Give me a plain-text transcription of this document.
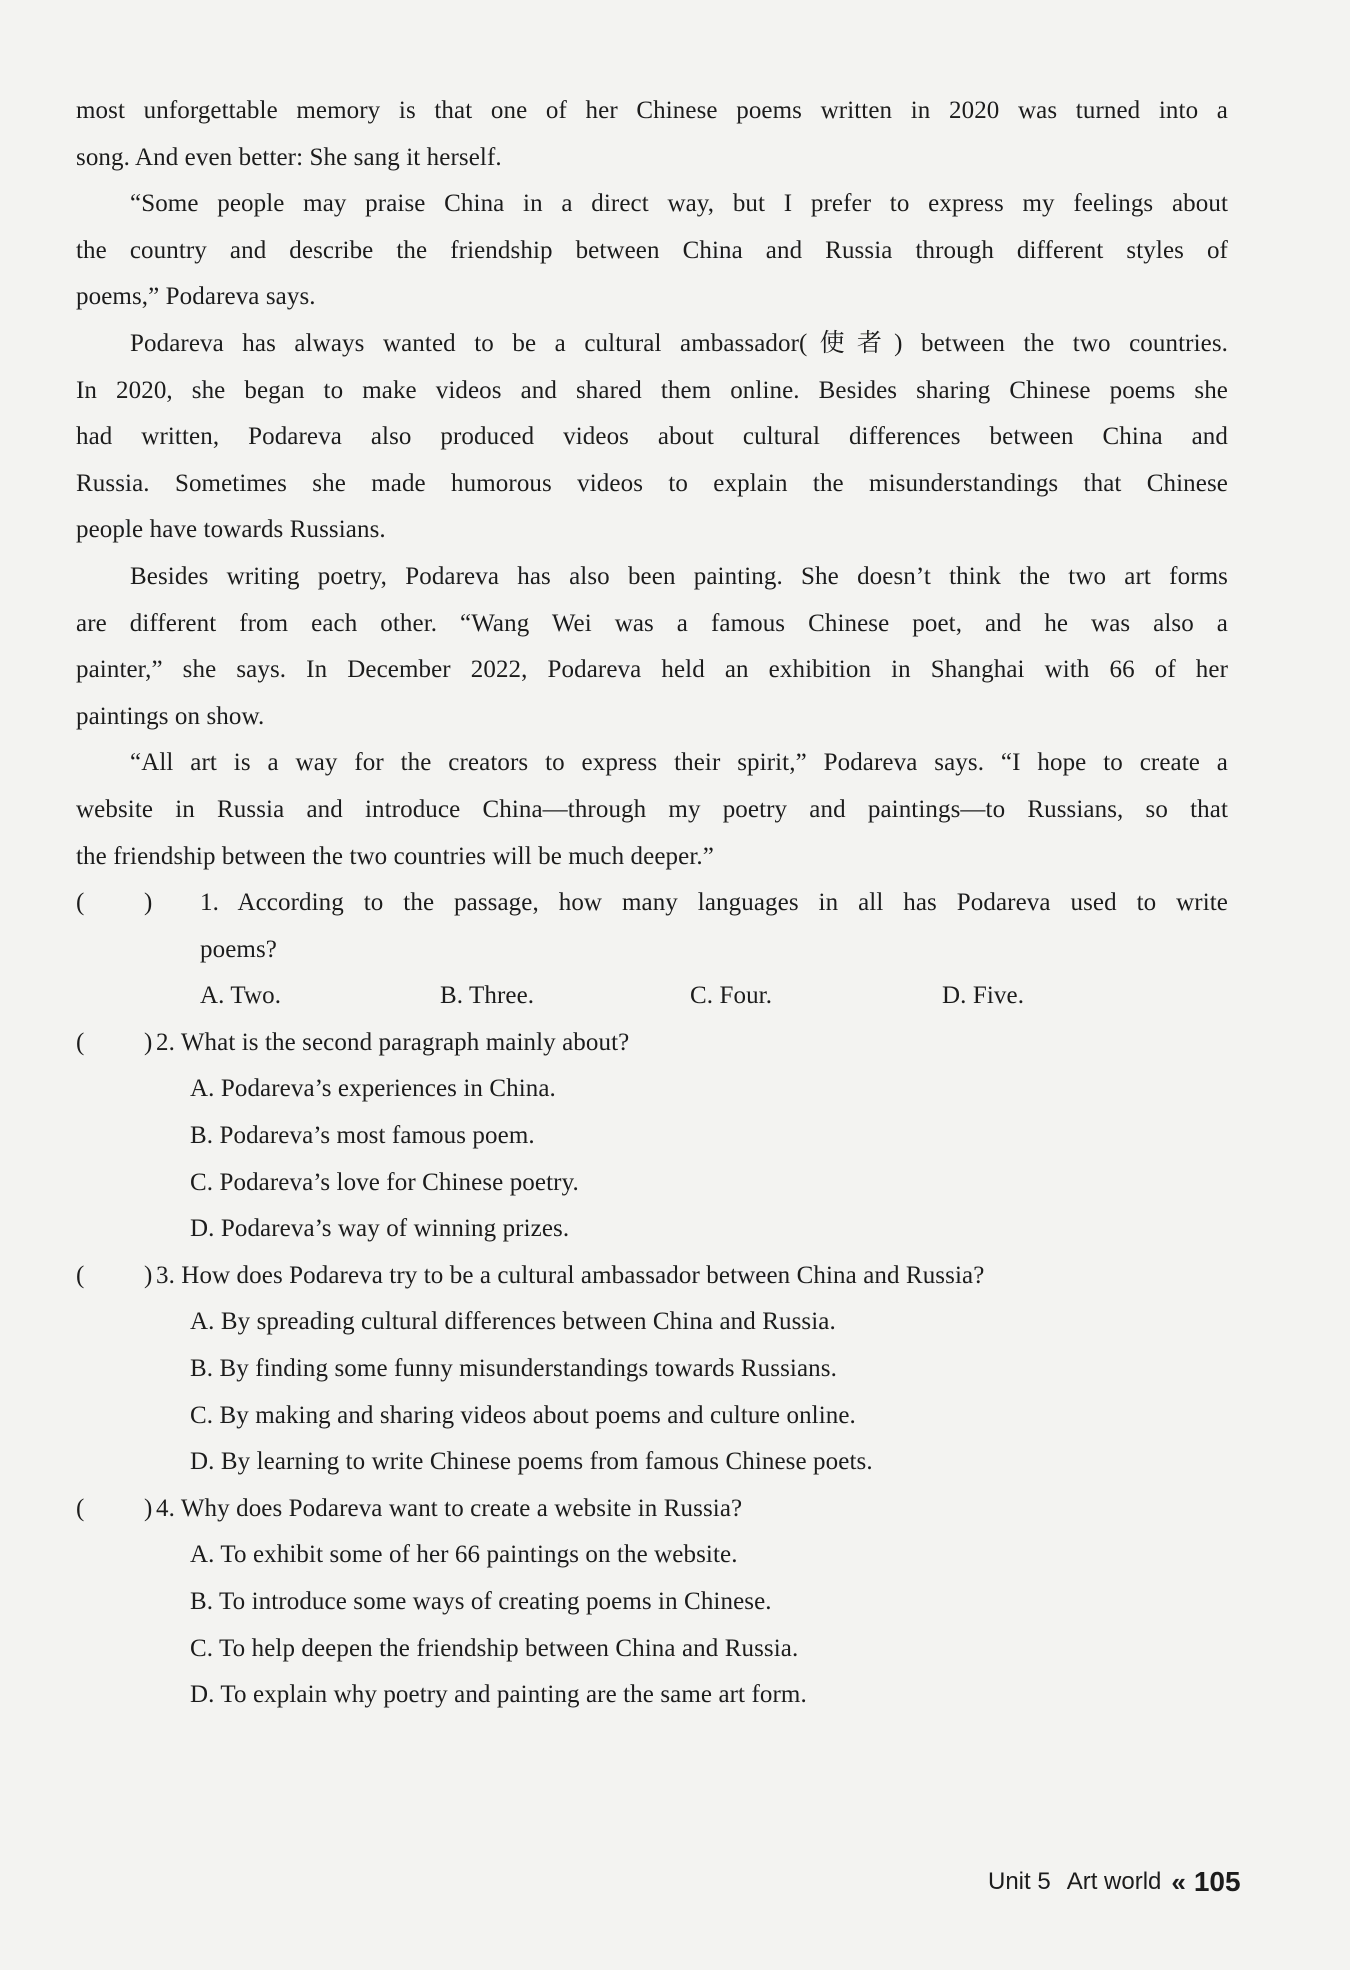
most unforgettable memory is that one of her Chinese poems written in 2020 was turned into a
song. And even better: She sang it herself.
“Some people may praise China in a direct way, but I prefer to express my feelings about
the country and describe the friendship between China and Russia through different styles of
poems,” Podareva says.
Podareva has always wanted to be a cultural ambassador(使者) between the two countries.
In 2020, she began to make videos and shared them online. Besides sharing Chinese poems she
had written, Podareva also produced videos about cultural differences between China and
Russia. Sometimes she made humorous videos to explain the misunderstandings that Chinese
people have towards Russians.
Besides writing poetry, Podareva has also been painting. She doesn’t think the two art forms
are different from each other. “Wang Wei was a famous Chinese poet, and he was also a
painter,” she says. In December 2022, Podareva held an exhibition in Shanghai with 66 of her
paintings on show.
“All art is a way for the creators to express their spirit,” Podareva says. “I hope to create a
website in Russia and introduce China—through my poetry and paintings—to Russians, so that
the friendship between the two countries will be much deeper.”
( ) 1. According to the passage, how many languages in all has Podareva used to write
poems?
A. Two.	B. Three.	C. Four.	D. Five.
( ) 2. What is the second paragraph mainly about?
A. Podareva’s experiences in China.
B. Podareva’s most famous poem.
C. Podareva’s love for Chinese poetry.
D. Podareva’s way of winning prizes.
( ) 3. How does Podareva try to be a cultural ambassador between China and Russia?
A. By spreading cultural differences between China and Russia.
B. By finding some funny misunderstandings towards Russians.
C. By making and sharing videos about poems and culture online.
D. By learning to write Chinese poems from famous Chinese poets.
( ) 4. Why does Podareva want to create a website in Russia?
A. To exhibit some of her 66 paintings on the website.
B. To introduce some ways of creating poems in Chinese.
C. To help deepen the friendship between China and Russia.
D. To explain why poetry and painting are the same art form.
Unit 5 Art world « 105
